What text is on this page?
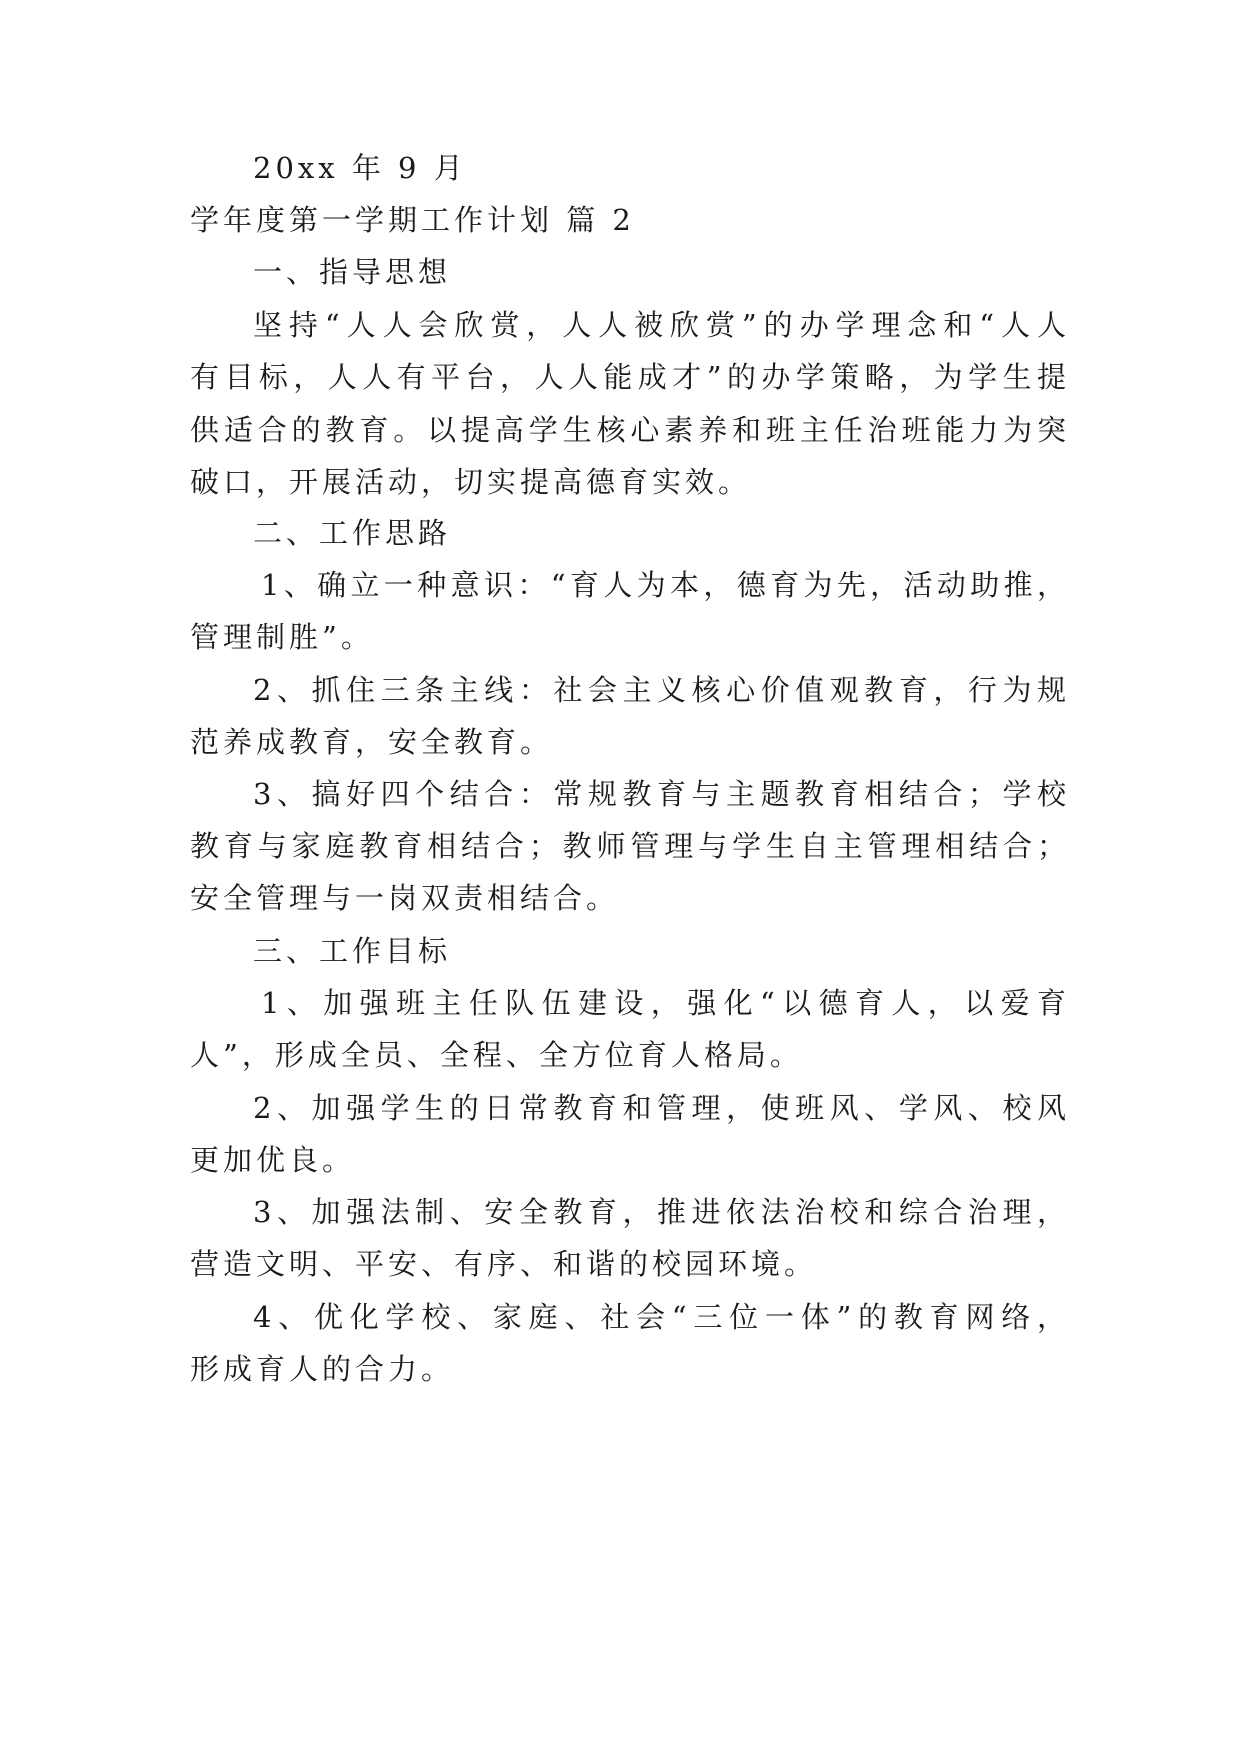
20xx 年 9 月
学年度第一学期工作计划 篇 2
一、指导思想
坚持“人人会欣赏，人人被欣赏”的办学理念和“人人
有目标，人人有平台，人人能成才”的办学策略，为学生提
供适合的教育。以提高学生核心素养和班主任治班能力为突
破口，开展活动，切实提高德育实效。
二、工作思路
1、确立一种意识：“育人为本，德育为先，活动助推，
管理制胜”。
2、抓住三条主线：社会主义核心价值观教育，行为规
范养成教育，安全教育。
3、搞好四个结合：常规教育与主题教育相结合；学校
教育与家庭教育相结合；教师管理与学生自主管理相结合；
安全管理与一岗双责相结合。
三、工作目标
1、加强班主任队伍建设，强化“以德育人，以爱育
人”，形成全员、全程、全方位育人格局。
2、加强学生的日常教育和管理，使班风、学风、校风
更加优良。
3、加强法制、安全教育，推进依法治校和综合治理，
营造文明、平安、有序、和谐的校园环境。
4、优化学校、家庭、社会“三位一体”的教育网络，
形成育人的合力。
